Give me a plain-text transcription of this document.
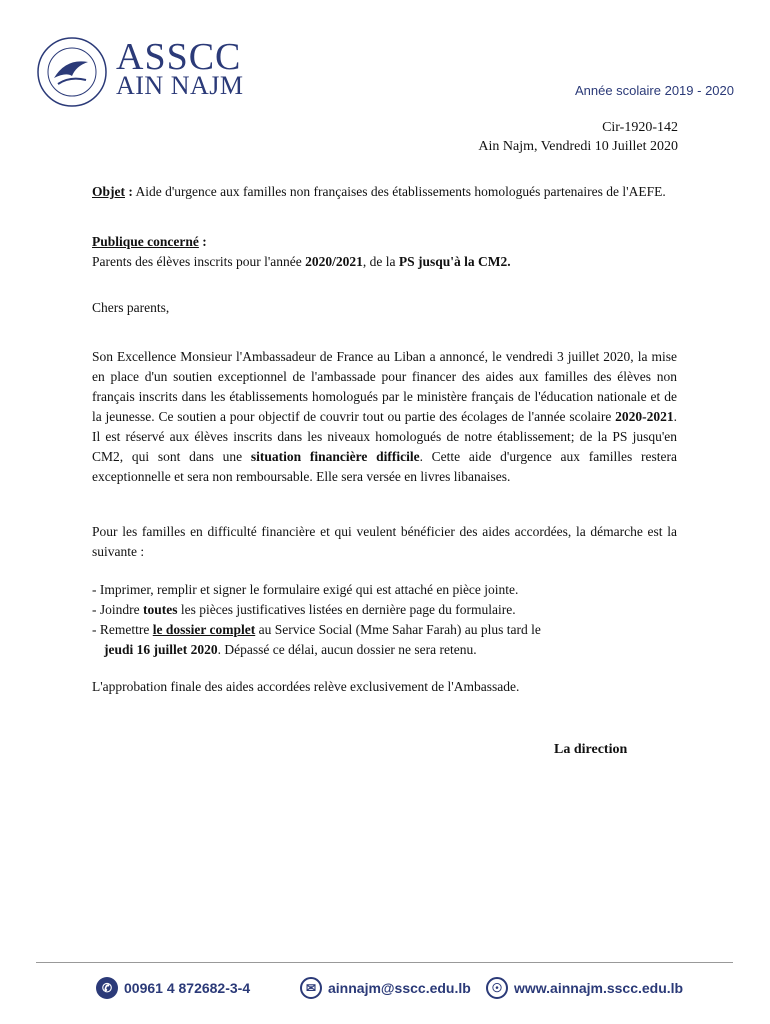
ASSCC
AIN NAJM	Année scolaire 2019 - 2020
Cir-1920-142
Ain Najm, Vendredi 10 Juillet 2020
Objet : Aide d'urgence aux familles non françaises des établissements homologués partenaires de l'AEFE.
Publique concerné :
Parents des élèves inscrits pour l'année 2020/2021, de la PS jusqu'à la CM2.
Chers parents,
Son Excellence Monsieur l'Ambassadeur de France au Liban a annoncé, le vendredi 3 juillet 2020, la mise en place d'un soutien exceptionnel de l'ambassade pour financer des aides aux familles des élèves non français inscrits dans les établissements homologués par le ministère français de l'éducation nationale et de la jeunesse. Ce soutien a pour objectif de couvrir tout ou partie des écolages de l'année scolaire 2020-2021. Il est réservé aux élèves inscrits dans les niveaux homologués de notre établissement; de la PS jusqu'en CM2, qui sont dans une situation financière difficile. Cette aide d'urgence aux familles restera exceptionnelle et sera non remboursable. Elle sera versée en livres libanaises.
Pour les familles en difficulté financière et qui veulent bénéficier des aides accordées, la démarche est la suivante :
- Imprimer, remplir et signer le formulaire exigé qui est attaché en pièce jointe.
- Joindre toutes les pièces justificatives listées en dernière page du formulaire.
- Remettre le dossier complet au Service Social (Mme Sahar Farah) au plus tard le
jeudi 16 juillet 2020. Dépassé ce délai, aucun dossier ne sera retenu.
L'approbation finale des aides accordées relève exclusivement de l'Ambassade.
La direction
✆ 00961 4 872682-3-4	✉ ainnajm@sscc.edu.lb	☉ www.ainnajm.sscc.edu.lb
